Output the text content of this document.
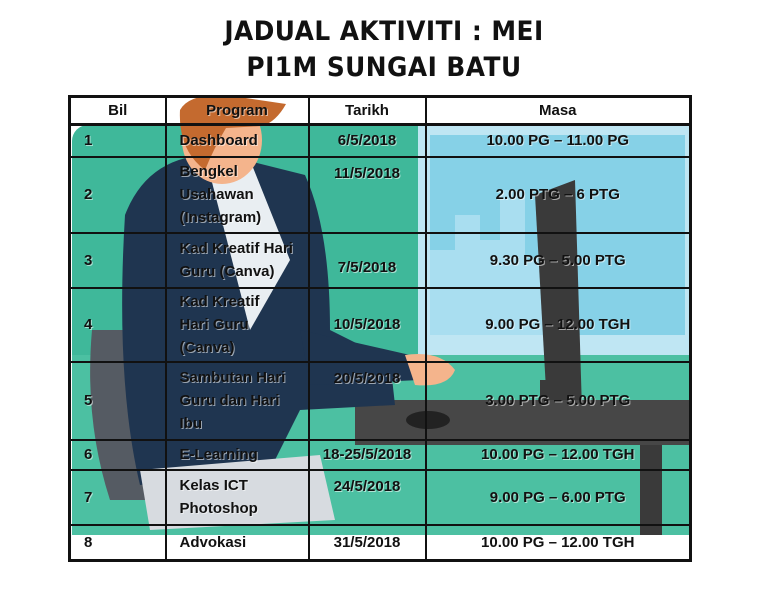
JADUAL AKTIVITI : MEI
PI1M SUNGAI BATU
Bil	Program	Tarikh	Masa
1	Dashboard	6/5/2018	10.00 PG – 11.00 PG
2	Bengkel
Usahawan
(Instagram)	11/5/2018	2.00 PTG – 6 PTG
3	Kad Kreatif Hari
Guru (Canva)	7/5/2018	9.30 PG – 5.00 PTG
4	Kad Kreatif
Hari Guru
(Canva)	10/5/2018	9.00 PG – 12.00 TGH
5	Sambutan Hari
Guru dan Hari
Ibu	20/5/2018	3.00 PTG – 5.00 PTG
6	E-Learning	18-25/5/2018	10.00 PG – 12.00 TGH
7	Kelas ICT
Photoshop	24/5/2018	9.00 PG – 6.00 PTG
8	Advokasi	31/5/2018	10.00 PG – 12.00 TGH
